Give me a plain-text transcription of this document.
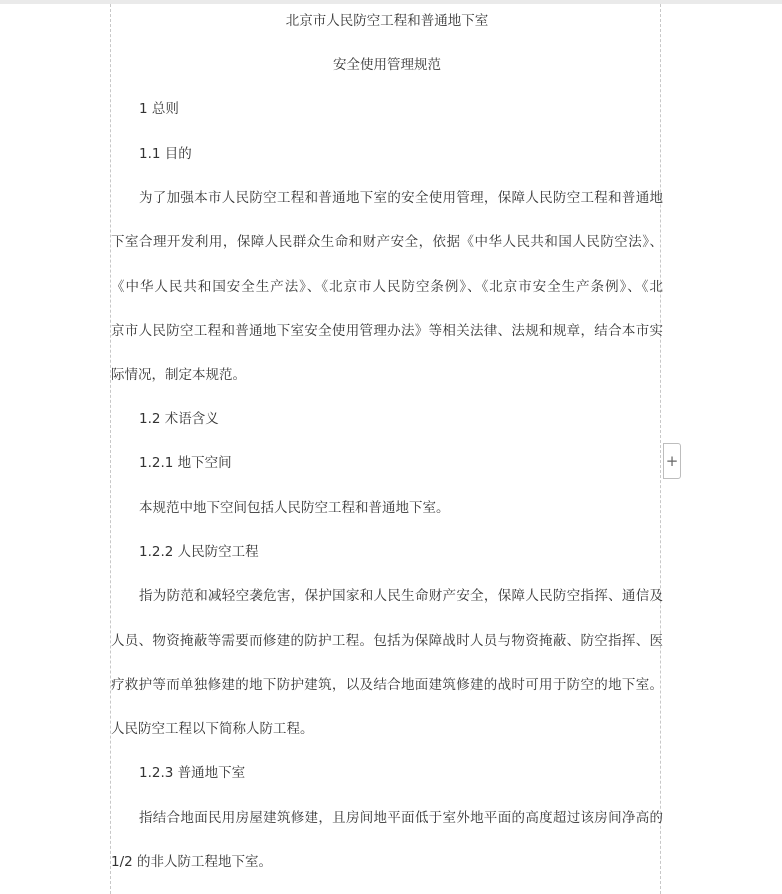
北京市人民防空工程和普通地下室
安全使用管理规范
1 总则
1.1 目的
为了加强本市人民防空工程和普通地下室的安全使用管理，保障人民防空工程和普通地
下室合理开发利用，保障人民群众生命和财产安全，依据《中华人民共和国人民防空法》、
《中华人民共和国安全生产法》、《北京市人民防空条例》、《北京市安全生产条例》、《北
京市人民防空工程和普通地下室安全使用管理办法》等相关法律、法规和规章，结合本市实
际情况，制定本规范。
1.2 术语含义
1.2.1 地下空间
本规范中地下空间包括人民防空工程和普通地下室。
1.2.2 人民防空工程
指为防范和减轻空袭危害，保护国家和人民生命财产安全，保障人民防空指挥、通信及
人员、物资掩蔽等需要而修建的防护工程。包括为保障战时人员与物资掩蔽、防空指挥、医
疗救护等而单独修建的地下防护建筑，以及结合地面建筑修建的战时可用于防空的地下室。
人民防空工程以下简称人防工程。
1.2.3 普通地下室
指结合地面民用房屋建筑修建，且房间地平面低于室外地平面的高度超过该房间净高的
1/2 的非人防工程地下室。
+
